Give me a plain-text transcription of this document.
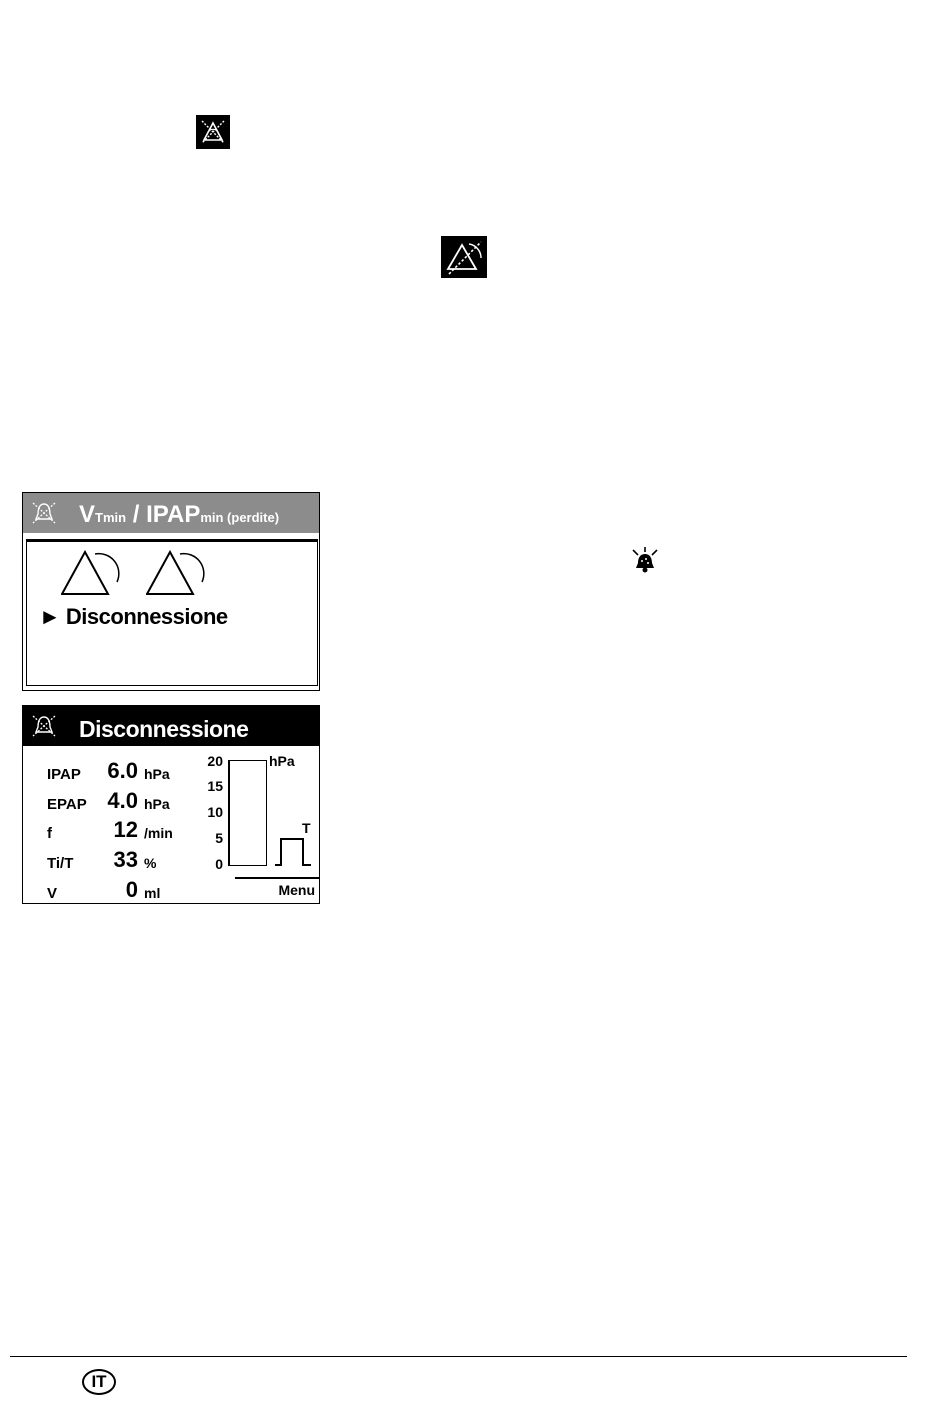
VTmin / IPAPmin (perdite)
► Disconnessione
Disconnessione
IPAP 6.0 hPa
EPAP 4.0 hPa
f	12 /min
Ti/T 33 %
V	0 ml
20
15
10
5
0
hPa
T
Menu
IT
